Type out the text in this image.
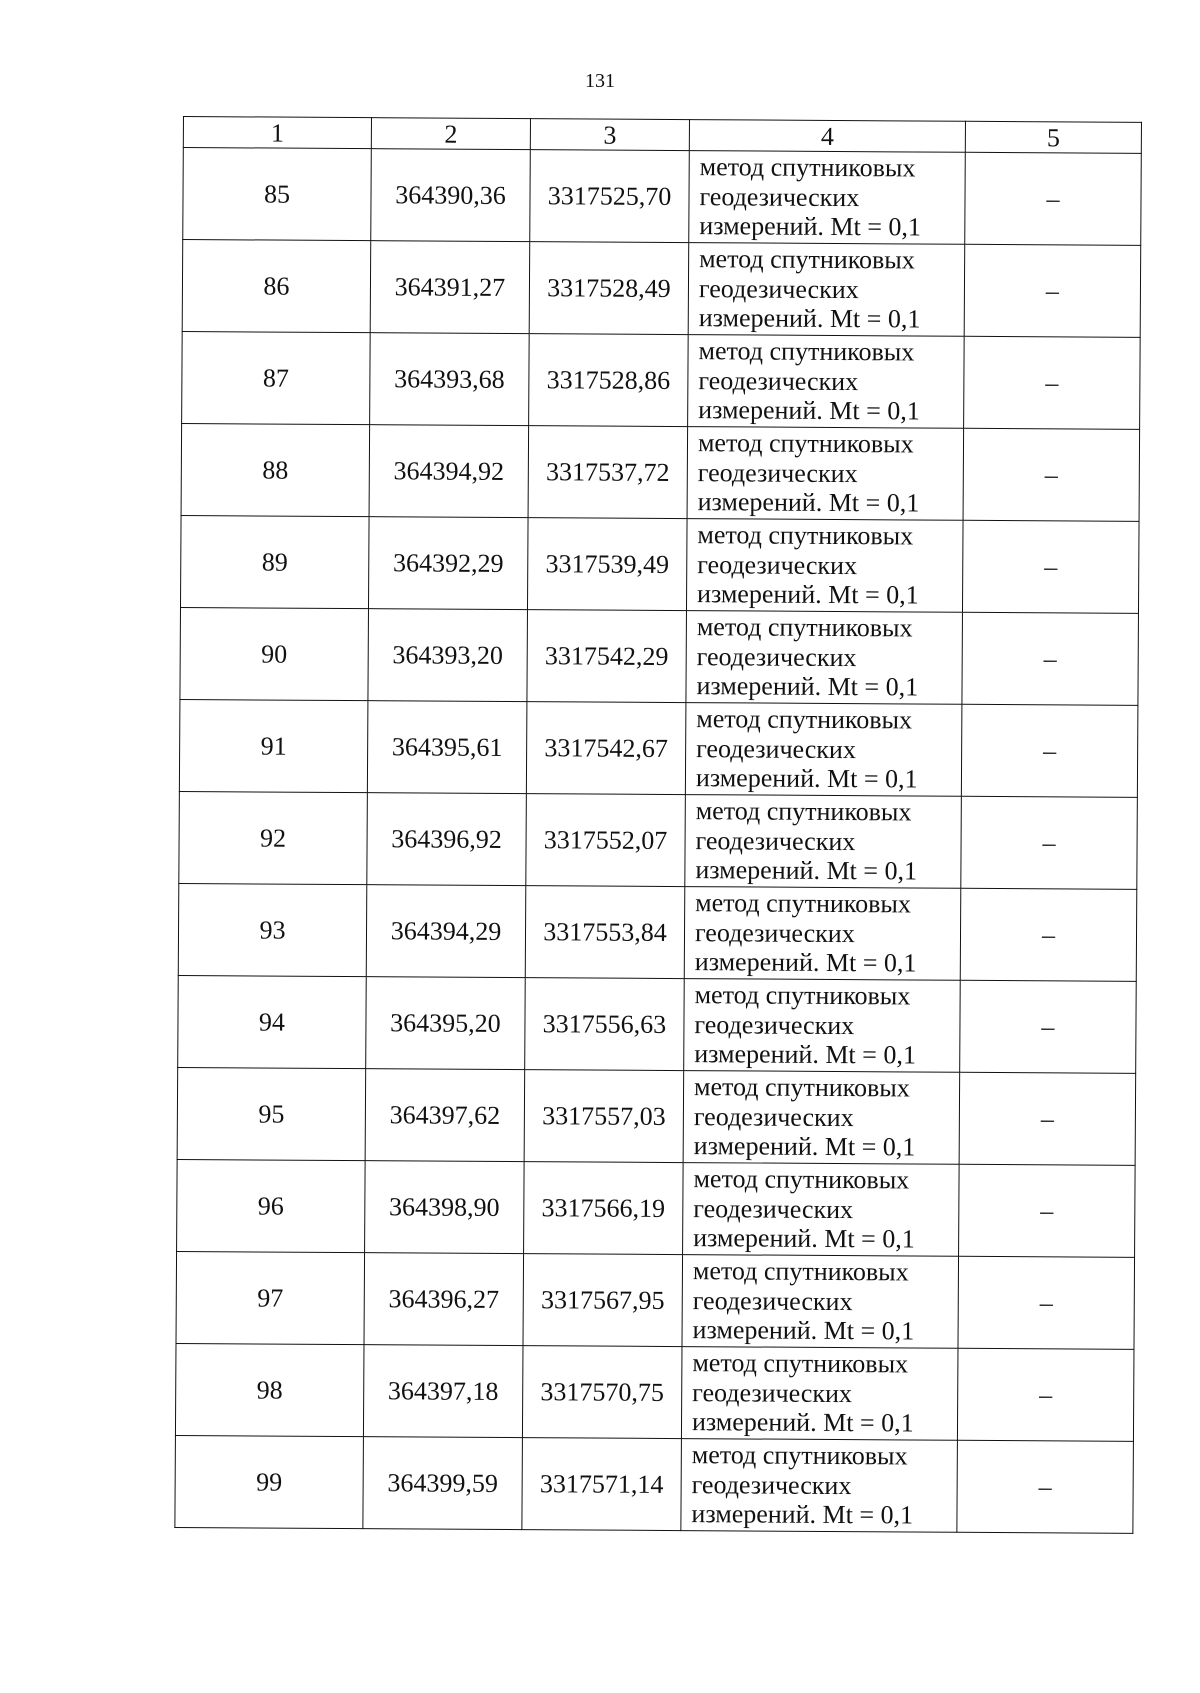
131
1	2	3	4	5
85	364390,36	3317525,70	метод спутниковых
геодезических
измерений. Mt = 0,1	–
86	364391,27	3317528,49	метод спутниковых
геодезических
измерений. Mt = 0,1	–
87	364393,68	3317528,86	метод спутниковых
геодезических
измерений. Mt = 0,1	–
88	364394,92	3317537,72	метод спутниковых
геодезических
измерений. Mt = 0,1	–
89	364392,29	3317539,49	метод спутниковых
геодезических
измерений. Mt = 0,1	–
90	364393,20	3317542,29	метод спутниковых
геодезических
измерений. Mt = 0,1	–
91	364395,61	3317542,67	метод спутниковых
геодезических
измерений. Mt = 0,1	–
92	364396,92	3317552,07	метод спутниковых
геодезических
измерений. Mt = 0,1	–
93	364394,29	3317553,84	метод спутниковых
геодезических
измерений. Mt = 0,1	–
94	364395,20	3317556,63	метод спутниковых
геодезических
измерений. Mt = 0,1	–
95	364397,62	3317557,03	метод спутниковых
геодезических
измерений. Mt = 0,1	–
96	364398,90	3317566,19	метод спутниковых
геодезических
измерений. Mt = 0,1	–
97	364396,27	3317567,95	метод спутниковых
геодезических
измерений. Mt = 0,1	–
98	364397,18	3317570,75	метод спутниковых
геодезических
измерений. Mt = 0,1	–
99	364399,59	3317571,14	метод спутниковых
геодезических
измерений. Mt = 0,1	–
